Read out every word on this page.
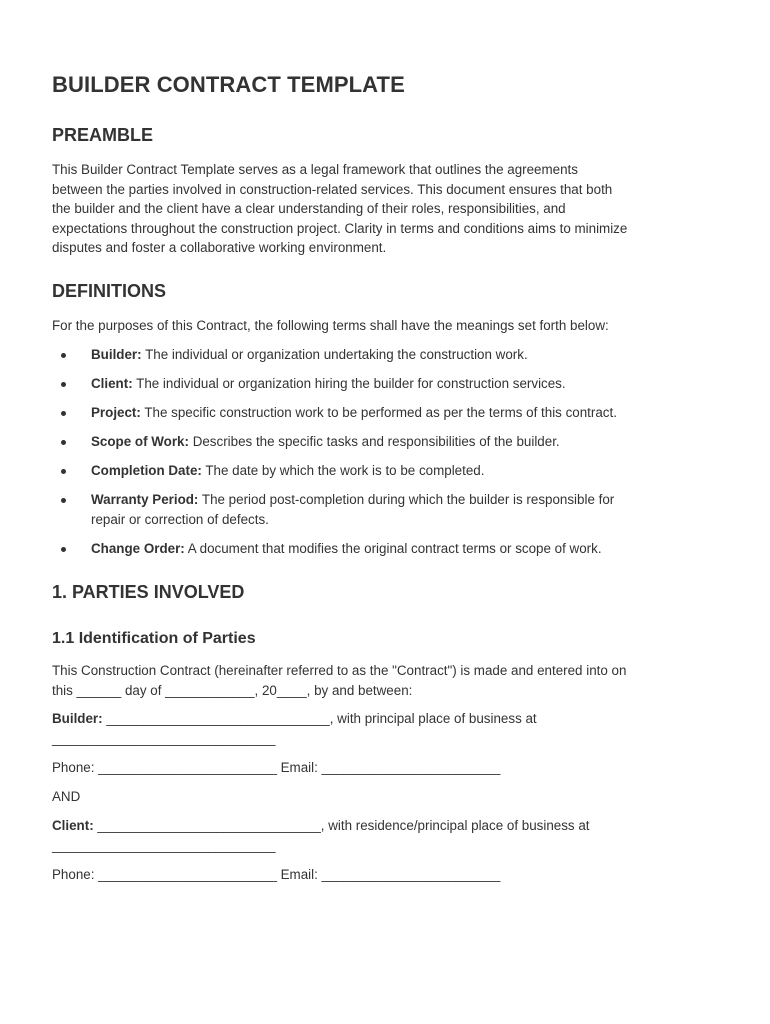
BUILDER CONTRACT TEMPLATE
PREAMBLE

This Builder Contract Template serves as a legal framework that outlines the agreements

between the parties involved in construction-related services. This document ensures that both

the builder and the client have a clear understanding of their roles, responsibilities, and

expectations throughout the construction project. Clarity in terms and conditions aims to minimize

disputes and foster a collaborative working environment.

DEFINITIONS

For the purposes of this Contract, the following terms shall have the meanings set forth below:

Builder: The individual or organization undertaking the construction work.
Client: The individual or organization hiring the builder for construction services.
Project: The specific construction work to be performed as per the terms of this contract.
Scope of Work: Describes the specific tasks and responsibilities of the builder.
Completion Date: The date by which the work is to be completed.
Warranty Period: The period post-completion during which the builder is responsible for
repair or correction of defects.
Change Order: A document that modifies the original contract terms or scope of work.
1. PARTIES INVOLVED
1.1 Identification of Parties

This Construction Contract (hereinafter referred to as the "Contract") is made and entered into on

this ______ day of ____________, 20____, by and between:

Builder: ______________________________, with principal place of business at

______________________________

Phone: ________________________ Email: ________________________

AND

Client: ______________________________, with residence/principal place of business at

______________________________

Phone: ________________________ Email: ________________________
